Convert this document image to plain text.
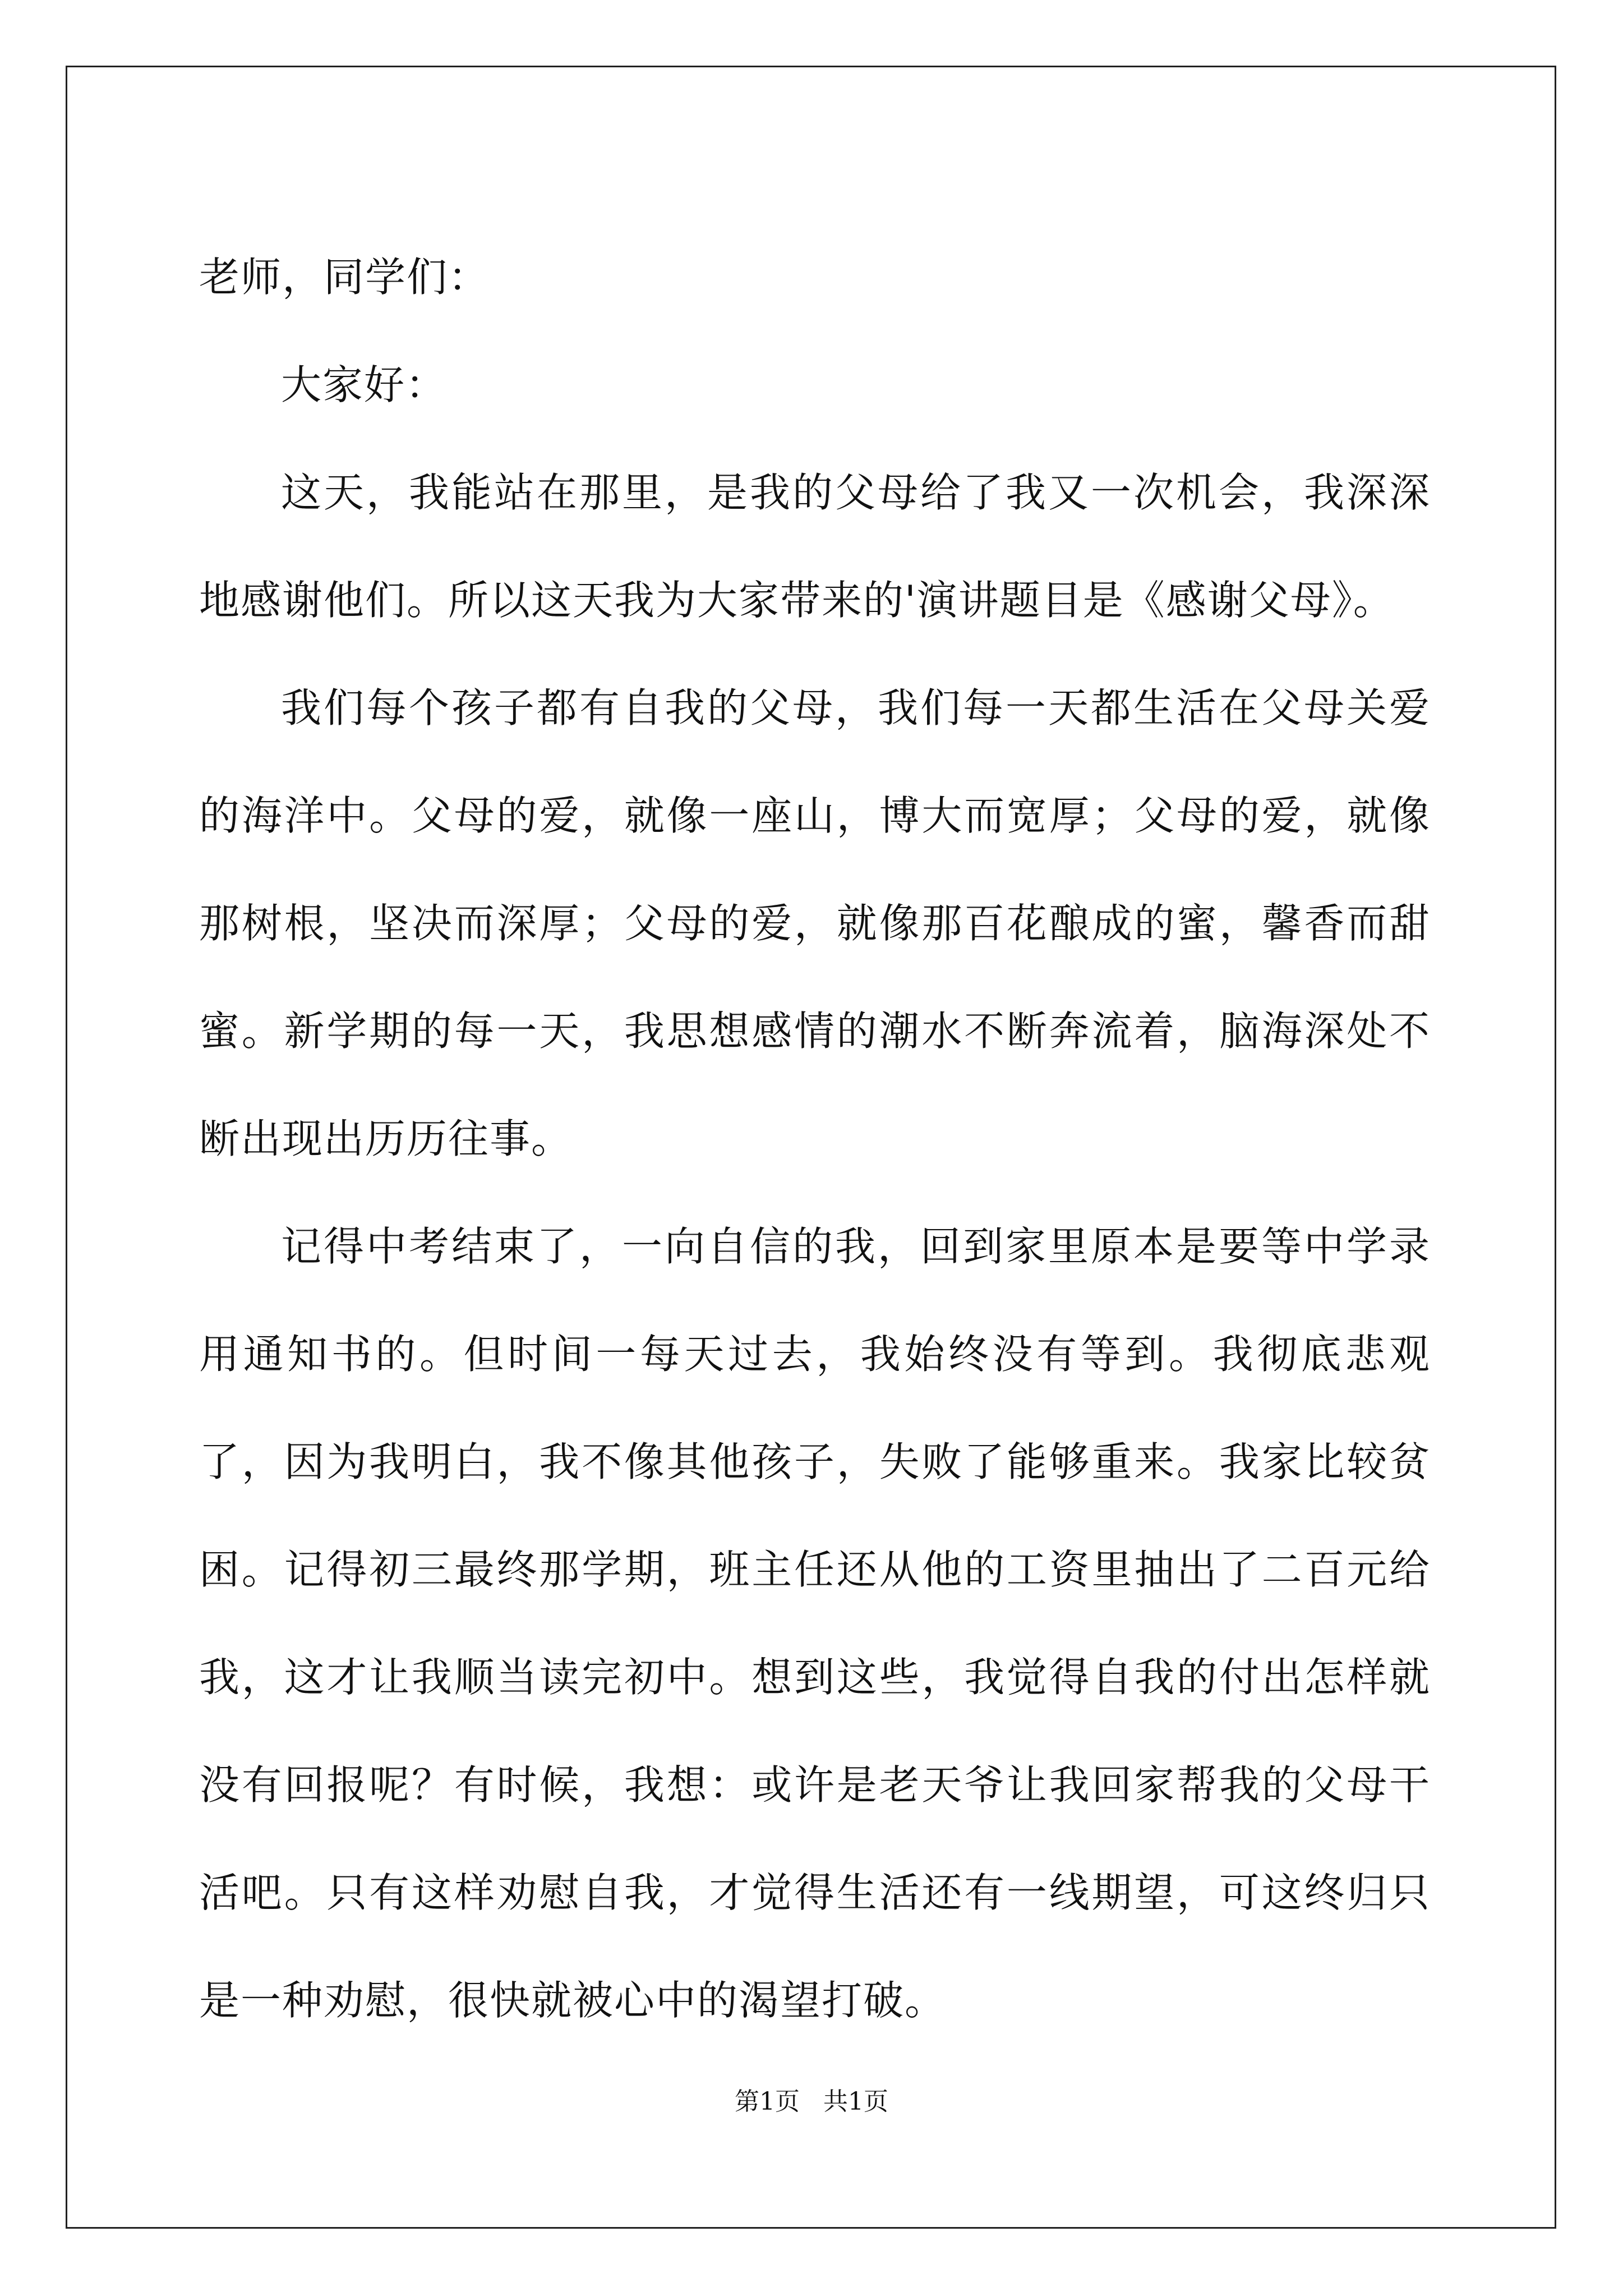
老师，同学们：

大家好：

这天，我能站在那里，是我的父母给了我又一次机会，我深深地感谢他们。所以这天我为大家带来的'演讲题目是《感谢父母》。

我们每个孩子都有自我的父母，我们每一天都生活在父母关爱的海洋中。父母的爱，就像一座山，博大而宽厚；父母的爱，就像那树根，坚决而深厚；父母的爱，就像那百花酿成的蜜，馨香而甜蜜。新学期的每一天，我思想感情的潮水不断奔流着，脑海深处不断出现出历历往事。

记得中考结束了，一向自信的我，回到家里原本是要等中学录用通知书的。但时间一每天过去，我始终没有等到。我彻底悲观了，因为我明白，我不像其他孩子，失败了能够重来。我家比较贫困。记得初三最终那学期，班主任还从他的工资里抽出了二百元给我，这才让我顺当读完初中。想到这些，我觉得自我的付出怎样就没有回报呢？有时候，我想：或许是老天爷让我回家帮我的父母干活吧。只有这样劝慰自我，才觉得生活还有一线期望，可这终归只是一种劝慰，很快就被心中的渴望打破。

第1页   共1页
